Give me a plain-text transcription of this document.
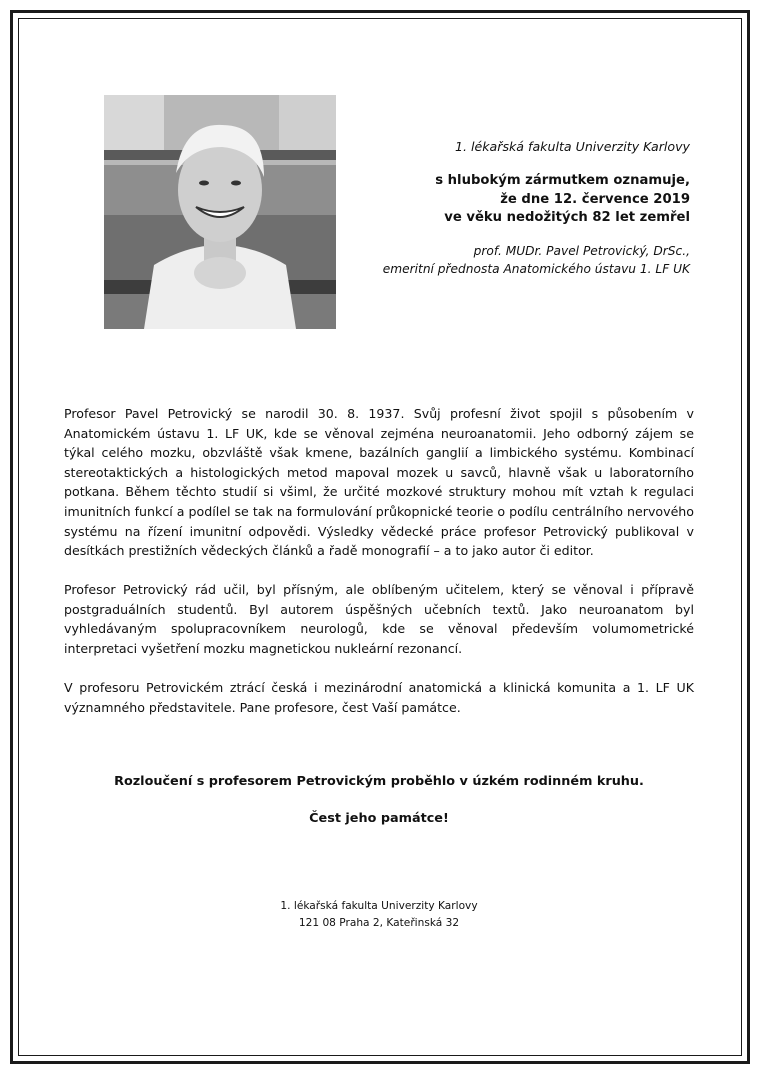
1. lékařská fakulta Univerzity Karlovy
s hlubokým zármutkem oznamuje,
že dne 12. července 2019
ve věku nedožitých 82 let zemřel
prof. MUDr. Pavel Petrovický, DrSc.,
emeritní přednosta Anatomického ústavu 1. LF UK

Profesor Pavel Petrovický se narodil 30. 8. 1937. Svůj profesní život spojil s působením v Anatomickém ústavu 1. LF UK, kde se věnoval zejména neuroanatomii. Jeho odborný zájem se týkal celého mozku, obzvláště však kmene, bazálních ganglií a limbického systému. Kombinací stereotaktických a histologických metod mapoval mozek u savců, hlavně však u laboratorního potkana. Během těchto studií si všiml, že určité mozkové struktury mohou mít vztah k regulaci imunitních funkcí a podílel se tak na formulování průkopnické teorie o podílu centrálního nervového systému na řízení imunitní odpovědi. Výsledky vědecké práce profesor Petrovický publikoval v desítkách prestižních vědeckých článků a řadě monografií – a to jako autor či editor.

Profesor Petrovický rád učil, byl přísným, ale oblíbeným učitelem, který se věnoval i přípravě postgraduálních studentů. Byl autorem úspěšných učebních textů. Jako neuroanatom byl vyhledávaným spolupracovníkem neurologů, kde se věnoval především volumometrické interpretaci vyšetření mozku magnetickou nukleární rezonancí.

V profesoru Petrovickém ztrácí česká i mezinárodní anatomická a klinická komunita a 1. LF UK významného představitele. Pane profesore, čest Vaší památce.

Rozloučení s profesorem Petrovickým proběhlo v úzkém rodinném kruhu.

Čest jeho památce!

1. lékařská fakulta Univerzity Karlovy
121 08 Praha 2, Kateřinská 32
